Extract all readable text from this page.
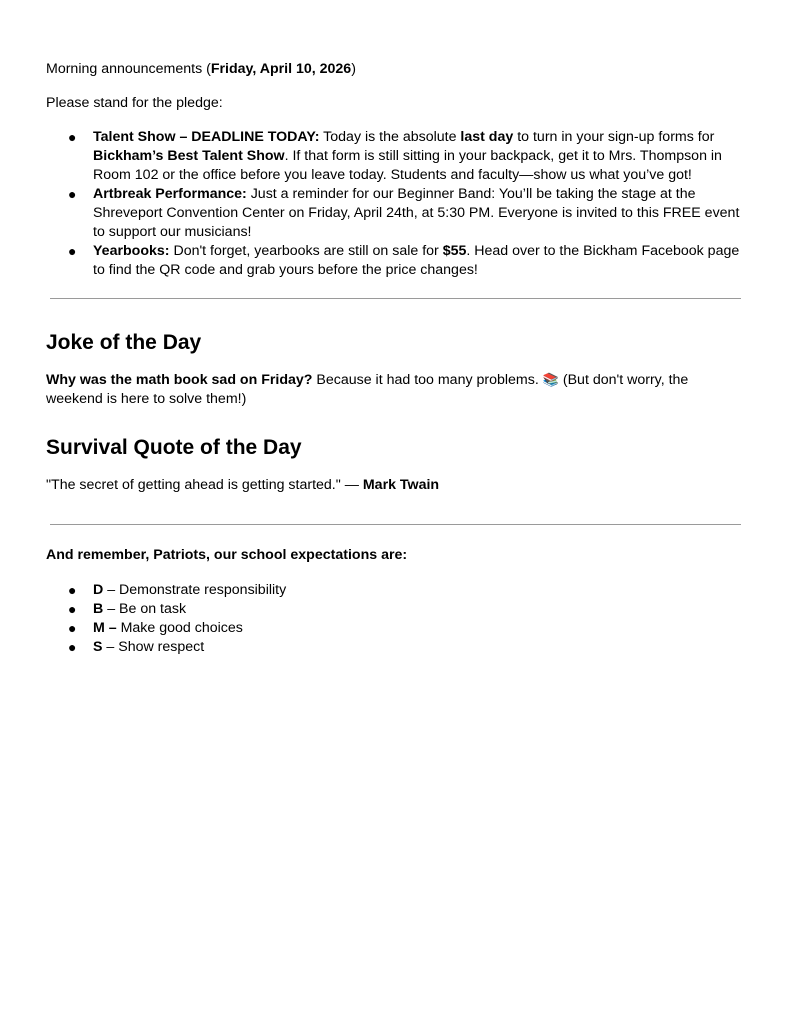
Morning announcements (Friday, April 10, 2026)

Please stand for the pledge:

● Talent Show – DEADLINE TODAY: Today is the absolute last day to turn in your sign-up forms for Bickham’s Best Talent Show. If that form is still sitting in your backpack, get it to Mrs. Thompson in Room 102 or the office before you leave today. Students and faculty—show us what you’ve got!
● Artbreak Performance: Just a reminder for our Beginner Band: You’ll be taking the stage at the Shreveport Convention Center on Friday, April 24th, at 5:30 PM. Everyone is invited to this FREE event to support our musicians!
● Yearbooks: Don't forget, yearbooks are still on sale for $55. Head over to the Bickham Facebook page to find the QR code and grab yours before the price changes!
Joke of the Day

Why was the math book sad on Friday? Because it had too many problems. 📚 (But don't worry, the weekend is here to solve them!)

Survival Quote of the Day

"The secret of getting ahead is getting started." — Mark Twain

And remember, Patriots, our school expectations are:

● D – Demonstrate responsibility
● B – Be on task
● M – Make good choices
● S – Show respect
